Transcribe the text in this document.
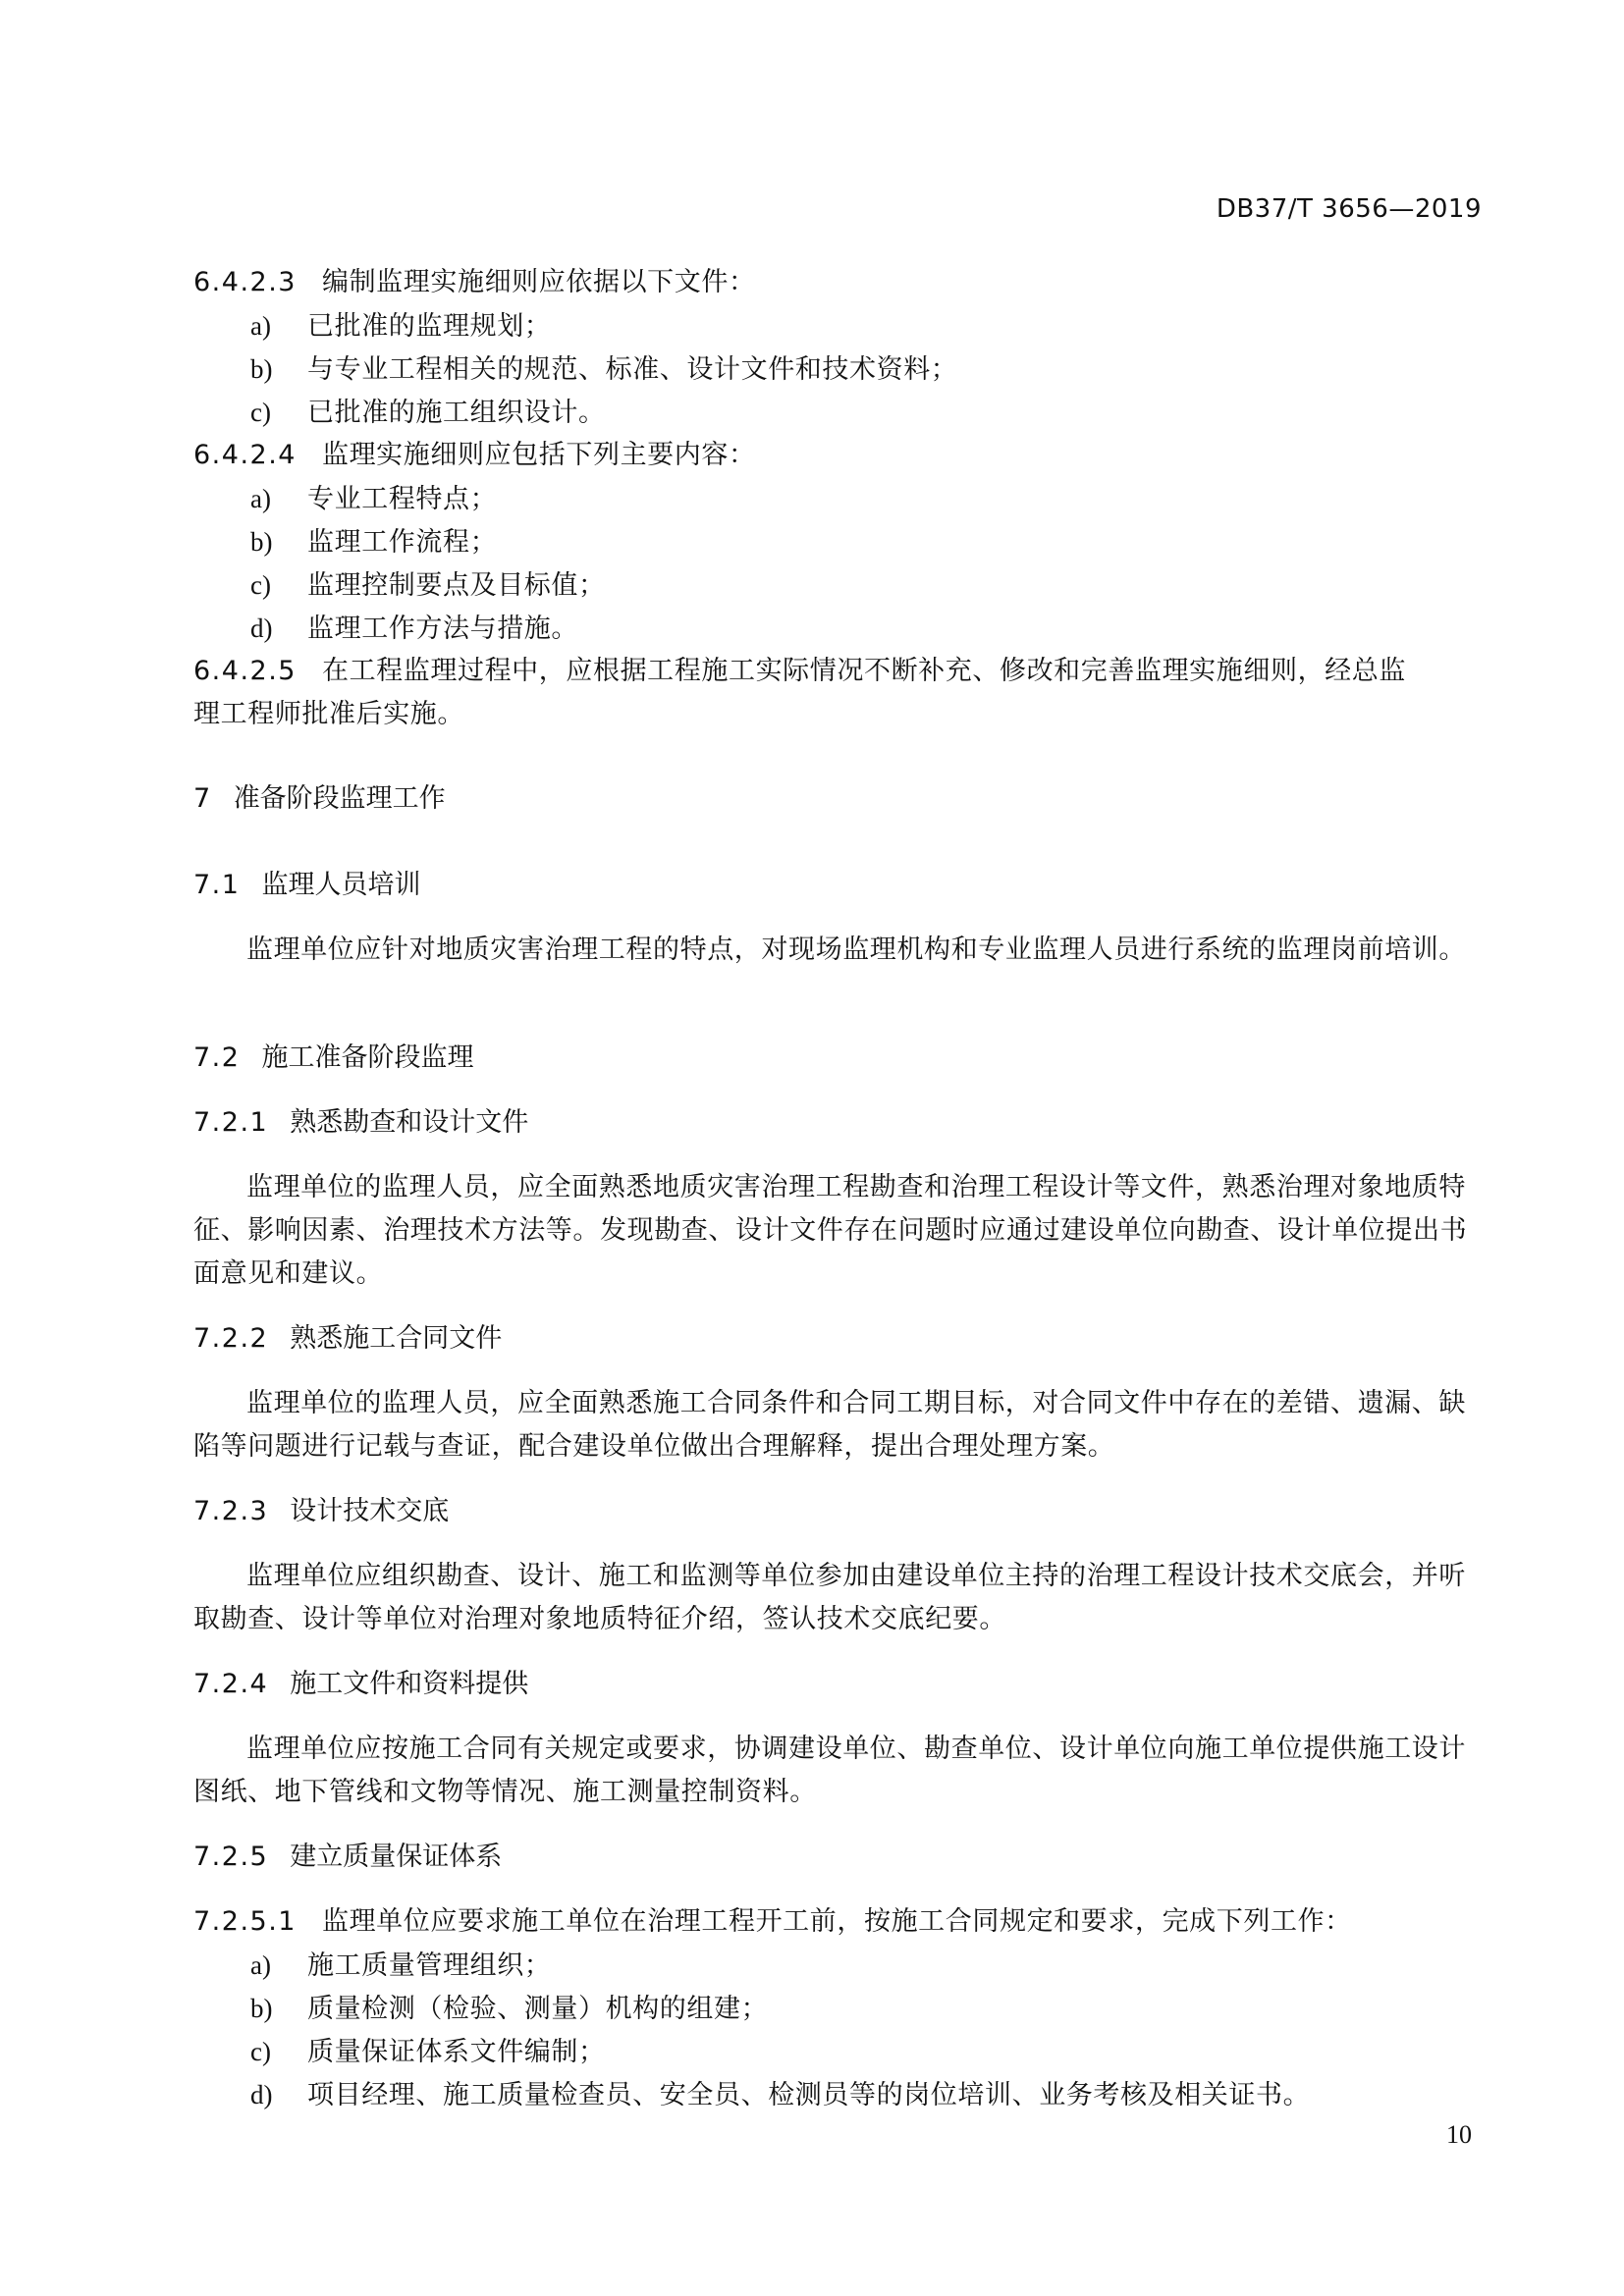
DB37/T 3656—2019
6.4.2.3 编制监理实施细则应依据以下文件：
a) 已批准的监理规划；
b) 与专业工程相关的规范、标准、设计文件和技术资料；
c) 已批准的施工组织设计。
6.4.2.4 监理实施细则应包括下列主要内容：
a) 专业工程特点；
b) 监理工作流程；
c) 监理控制要点及目标值；
d) 监理工作方法与措施。
6.4.2.5 在工程监理过程中，应根据工程施工实际情况不断补充、修改和完善监理实施细则，经总监
理工程师批准后实施。
7 准备阶段监理工作
7.1 监理人员培训
监理单位应针对地质灾害治理工程的特点，对现场监理机构和专业监理人员进行系统的监理岗前培训。
7.2 施工准备阶段监理
7.2.1 熟悉勘查和设计文件
监理单位的监理人员，应全面熟悉地质灾害治理工程勘查和治理工程设计等文件，熟悉治理对象地质特征、影响因素、治理技术方法等。发现勘查、设计文件存在问题时应通过建设单位向勘查、设计单位提出书面意见和建议。
7.2.2 熟悉施工合同文件
监理单位的监理人员，应全面熟悉施工合同条件和合同工期目标，对合同文件中存在的差错、遗漏、缺陷等问题进行记载与查证，配合建设单位做出合理解释，提出合理处理方案。
7.2.3 设计技术交底
监理单位应组织勘查、设计、施工和监测等单位参加由建设单位主持的治理工程设计技术交底会，并听取勘查、设计等单位对治理对象地质特征介绍，签认技术交底纪要。
7.2.4 施工文件和资料提供
监理单位应按施工合同有关规定或要求，协调建设单位、勘查单位、设计单位向施工单位提供施工设计图纸、地下管线和文物等情况、施工测量控制资料。
7.2.5 建立质量保证体系
7.2.5.1 监理单位应要求施工单位在治理工程开工前，按施工合同规定和要求，完成下列工作：
a) 施工质量管理组织；
b) 质量检测（检验、测量）机构的组建；
c) 质量保证体系文件编制；
d) 项目经理、施工质量检查员、安全员、检测员等的岗位培训、业务考核及相关证书。
10
